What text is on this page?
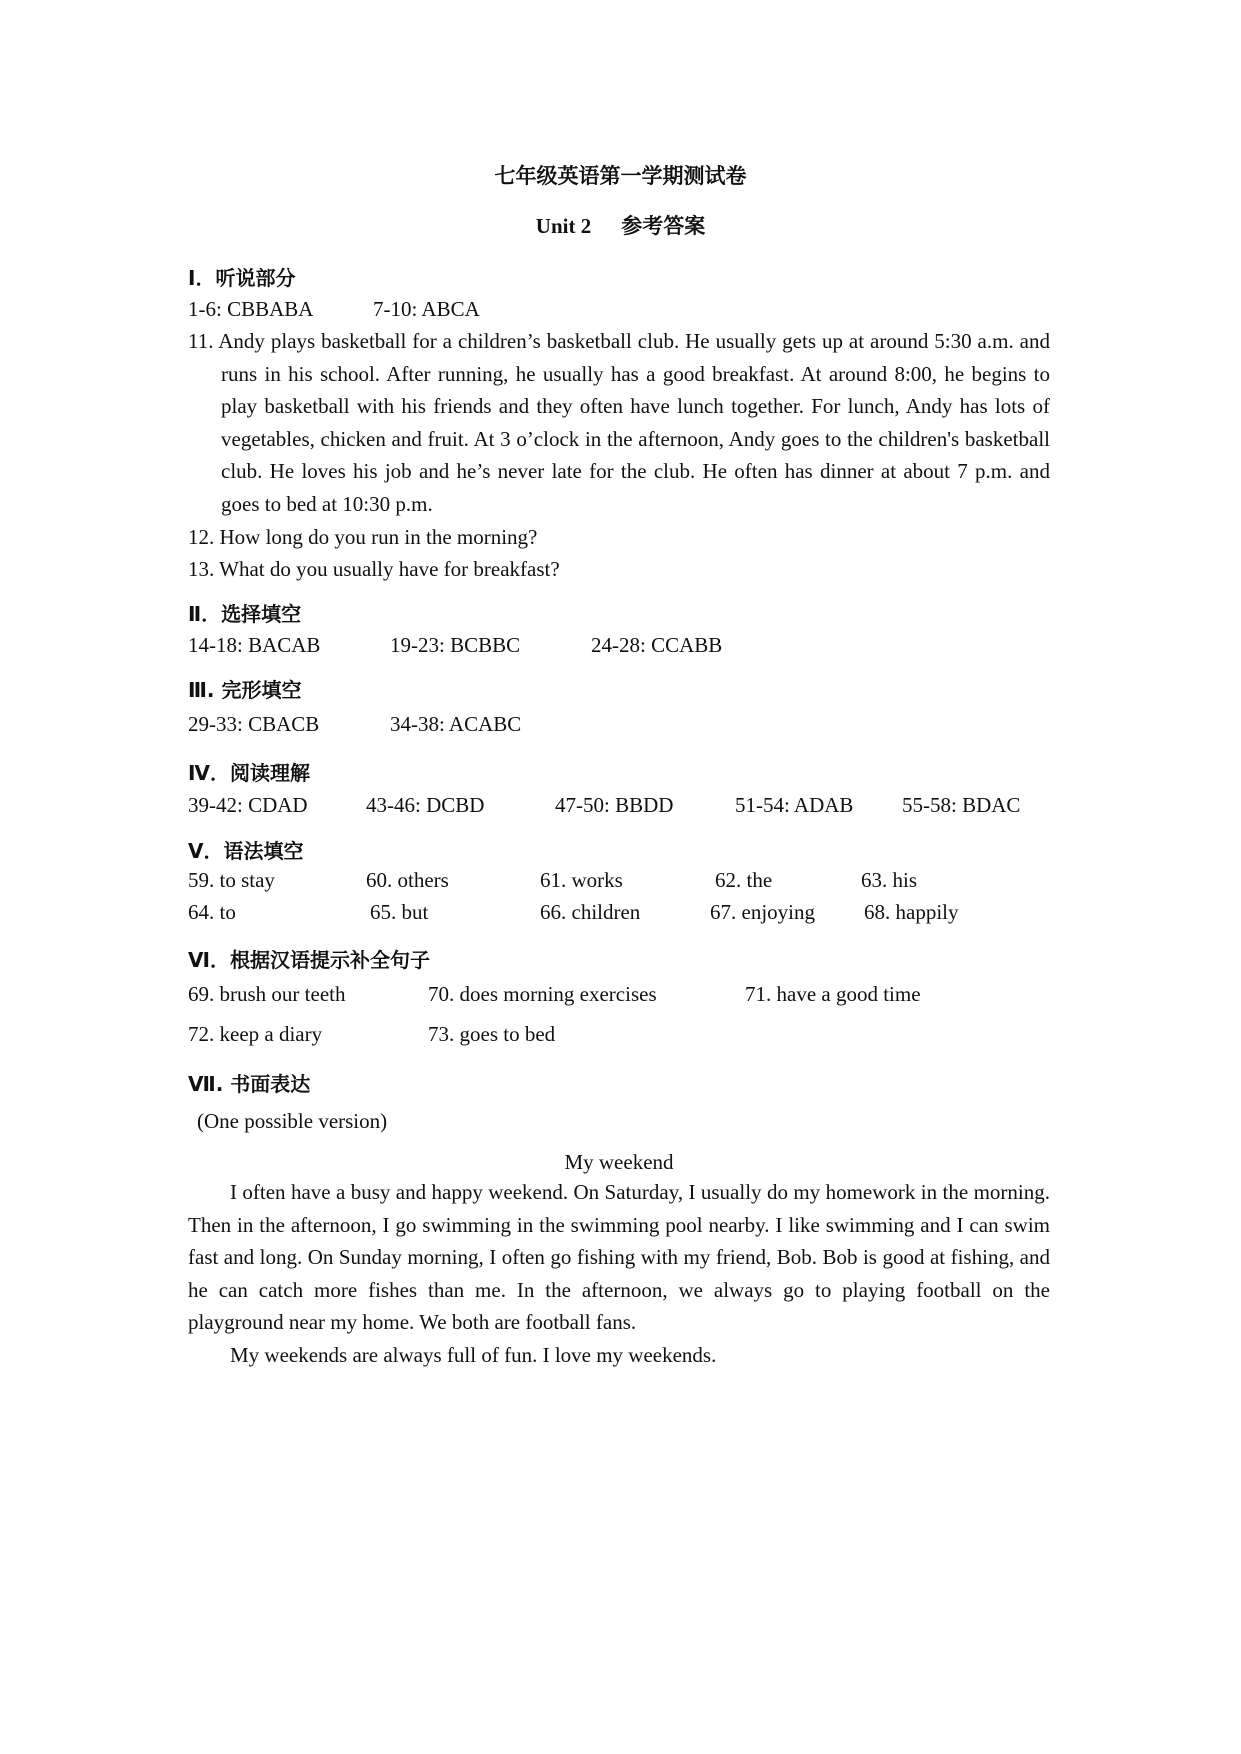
七年级英语第一学期测试卷
Unit 2 参考答案
Ⅰ．听说部分
1-6: CBBABA	7-10: ABCA
11. Andy plays basketball for a children’s basketball club. He usually gets up at around 5:30 a.m. and runs in his school. After running, he usually has a good breakfast. At around 8:00, he begins to play basketball with his friends and they often have lunch together. For lunch, Andy has lots of vegetables, chicken and fruit. At 3 o’clock in the afternoon, Andy goes to the children's basketball club. He loves his job and he’s never late for the club. He often has dinner at about 7 p.m. and goes to bed at 10:30 p.m.
12. How long do you run in the morning?
13. What do you usually have for breakfast?
Ⅱ．选择填空
14-18: BACAB	19-23: BCBBC	24-28: CCABB
Ⅲ. 完形填空
29-33: CBACB	34-38: ACABC
Ⅳ．阅读理解
39-42: CDAD	43-46: DCBD	47-50: BBDD	51-54: ADAB 55-58: BDAC
Ⅴ．语法填空
59. to stay	60. others	61. works	62. the	63. his
64. to	65. but	66. children	67. enjoying 68. happily
Ⅵ．根据汉语提示补全句子
69. brush our teeth	70. does morning exercises	71. have a good time
72. keep a diary	73. goes to bed
Ⅶ. 书面表达
(One possible version)
My weekend

I often have a busy and happy weekend. On Saturday, I usually do my homework in the morning. Then in the afternoon, I go swimming in the swimming pool nearby. I like swimming and I can swim fast and long. On Sunday morning, I often go fishing with my friend, Bob. Bob is good at fishing, and he can catch more fishes than me. In the afternoon, we always go to playing football on the playground near my home. We both are football fans.

My weekends are always full of fun. I love my weekends.
